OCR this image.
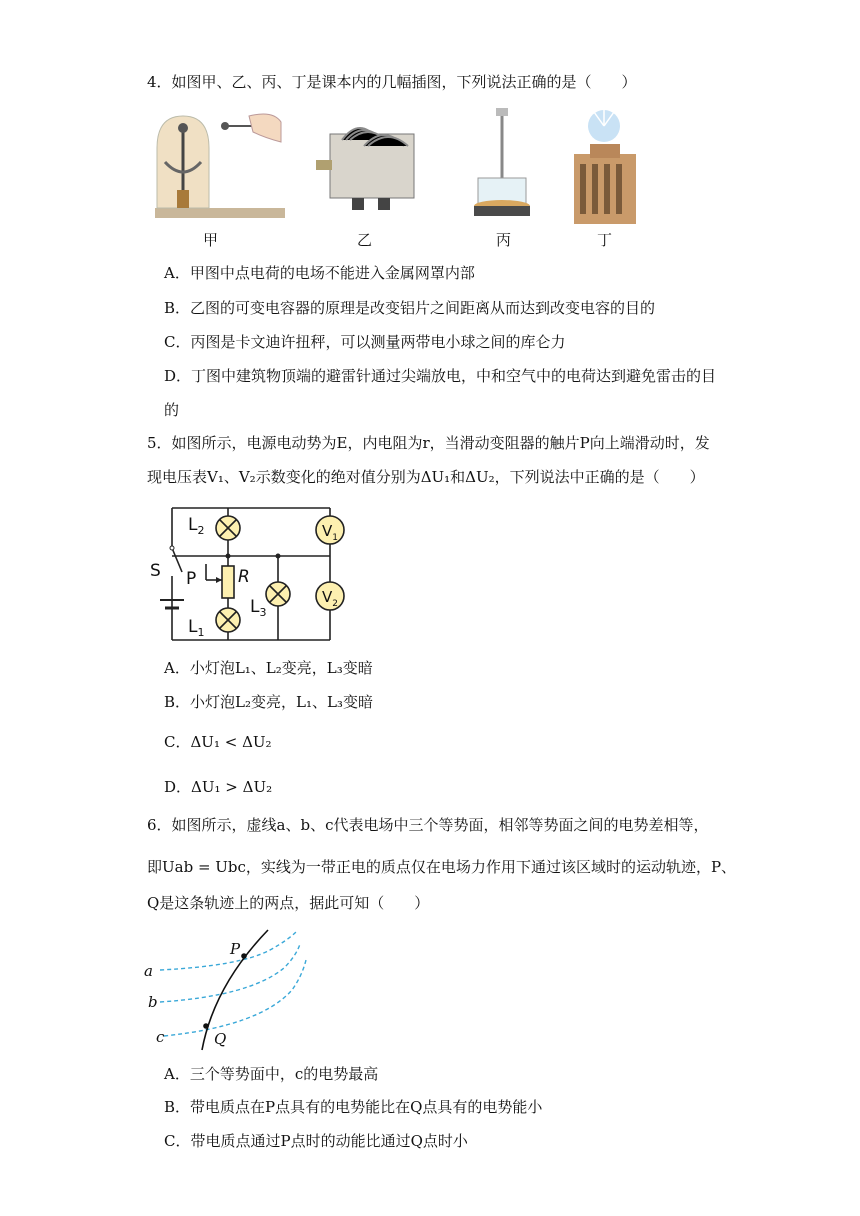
4．如图甲、乙、丙、丁是课本内的几幅插图，下列说法正确的是（　　）
甲	乙	丙	丁
A．甲图中点电荷的电场不能进入金属网罩内部
B．乙图的可变电容器的原理是改变铝片之间距离从而达到改变电容的目的
C．丙图是卡文迪许扭秤，可以测量两带电小球之间的库仑力
D．丁图中建筑物顶端的避雷针通过尖端放电，中和空气中的电荷达到避免雷击的目
的
5．如图所示，电源电动势为E，内电阻为r，当滑动变阻器的触片P向上端滑动时，发
现电压表V₁、V₂示数变化的绝对值分别为ΔU₁和ΔU₂，下列说法中正确的是（　　）
$L_2$	$V_1$
S P R
$L_3$
$V_2$
$L_1$
A．小灯泡L₁、L₂变亮，L₃变暗
B．小灯泡L₂变亮，L₁、L₃变暗
C．ΔU₁ < ΔU₂
D．ΔU₁ > ΔU₂
6．如图所示，虚线a、b、c代表电场中三个等势面，相邻等势面之间的电势差相等，
即Uab = Ubc，实线为一带正电的质点仅在电场力作用下通过该区域时的运动轨迹，P、
Q是这条轨迹上的两点，据此可知（　　）
a
b
c
P
Q
A．三个等势面中，c的电势最高
B．带电质点在P点具有的电势能比在Q点具有的电势能小
C．带电质点通过P点时的动能比通过Q点时小
